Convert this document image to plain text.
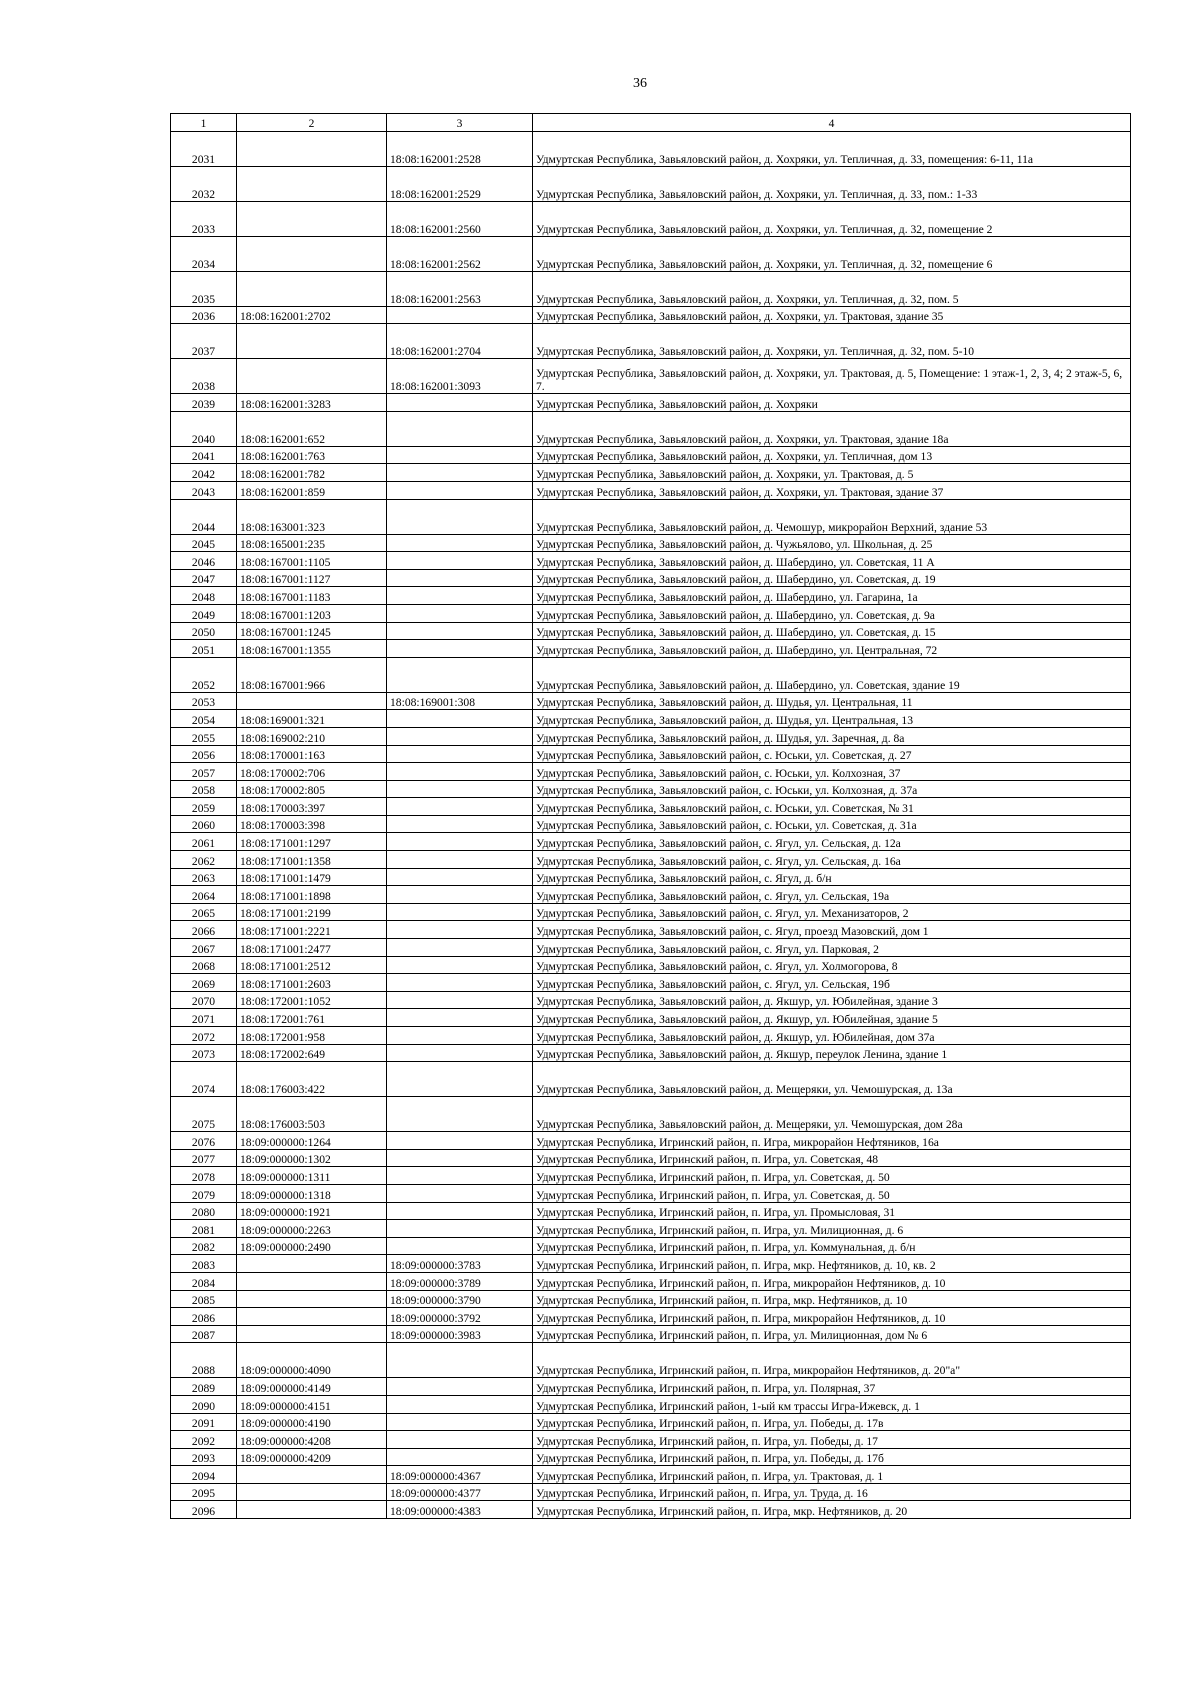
36
1	2	3	4
2031		18:08:162001:2528	Удмуртская Республика, Завьяловский район, д. Хохряки, ул. Тепличная, д. 33, помещения: 6-11, 11а
2032		18:08:162001:2529	Удмуртская Республика, Завьяловский район, д. Хохряки, ул. Тепличная, д. 33, пом.: 1-33
2033		18:08:162001:2560	Удмуртская Республика, Завьяловский район, д. Хохряки, ул. Тепличная, д. 32, помещение 2
2034		18:08:162001:2562	Удмуртская Республика, Завьяловский район, д. Хохряки, ул. Тепличная, д. 32, помещение 6
2035		18:08:162001:2563	Удмуртская Республика, Завьяловский район, д. Хохряки, ул. Тепличная, д. 32, пом. 5
2036	18:08:162001:2702		Удмуртская Республика, Завьяловский район, д. Хохряки, ул. Трактовая, здание 35
2037		18:08:162001:2704	Удмуртская Республика, Завьяловский район, д. Хохряки, ул. Тепличная, д. 32, пом. 5-10
2038		18:08:162001:3093	Удмуртская Республика, Завьяловский район, д. Хохряки, ул. Трактовая, д. 5, Помещение: 1 этаж-1, 2, 3, 4; 2 этаж-5, 6, 7.
2039	18:08:162001:3283		Удмуртская Республика, Завьяловский район, д. Хохряки
2040	18:08:162001:652		Удмуртская Республика, Завьяловский район, д. Хохряки, ул. Трактовая, здание 18а
2041	18:08:162001:763		Удмуртская Республика, Завьяловский район, д. Хохряки, ул. Тепличная, дом 13
2042	18:08:162001:782		Удмуртская Республика, Завьяловский район, д. Хохряки, ул. Трактовая, д. 5
2043	18:08:162001:859		Удмуртская Республика, Завьяловский район, д. Хохряки, ул. Трактовая, здание 37
2044	18:08:163001:323		Удмуртская Республика, Завьяловский район, д. Чемошур, микрорайон Верхний, здание 53
2045	18:08:165001:235		Удмуртская Республика, Завьяловский район, д. Чужьялово, ул. Школьная, д. 25
2046	18:08:167001:1105		Удмуртская Республика, Завьяловский район, д. Шабердино, ул. Советская, 11 А
2047	18:08:167001:1127		Удмуртская Республика, Завьяловский район, д. Шабердино, ул. Советская, д. 19
2048	18:08:167001:1183		Удмуртская Республика, Завьяловский район, д. Шабердино, ул. Гагарина, 1а
2049	18:08:167001:1203		Удмуртская Республика, Завьяловский район, д. Шабердино, ул. Советская, д. 9а
2050	18:08:167001:1245		Удмуртская Республика, Завьяловский район, д. Шабердино, ул. Советская, д. 15
2051	18:08:167001:1355		Удмуртская Республика, Завьяловский район, д. Шабердино, ул. Центральная, 72
2052	18:08:167001:966		Удмуртская Республика, Завьяловский район, д. Шабердино, ул. Советская, здание 19
2053		18:08:169001:308	Удмуртская Республика, Завьяловский район, д. Шудья, ул. Центральная, 11
2054	18:08:169001:321		Удмуртская Республика, Завьяловский район, д. Шудья, ул. Центральная, 13
2055	18:08:169002:210		Удмуртская Республика, Завьяловский район, д. Шудья, ул. Заречная, д. 8а
2056	18:08:170001:163		Удмуртская Республика, Завьяловский район, с. Юськи, ул. Советская, д. 27
2057	18:08:170002:706		Удмуртская Республика, Завьяловский район, с. Юськи, ул. Колхозная, 37
2058	18:08:170002:805		Удмуртская Республика, Завьяловский район, с. Юськи, ул. Колхозная, д. 37а
2059	18:08:170003:397		Удмуртская Республика, Завьяловский район, с. Юськи, ул. Советская, № 31
2060	18:08:170003:398		Удмуртская Республика, Завьяловский район, с. Юськи, ул. Советская, д. 31а
2061	18:08:171001:1297		Удмуртская Республика, Завьяловский район, с. Ягул, ул. Сельская, д. 12а
2062	18:08:171001:1358		Удмуртская Республика, Завьяловский район, с. Ягул, ул. Сельская, д. 16а
2063	18:08:171001:1479		Удмуртская Республика, Завьяловский район, с. Ягул, д. б/н
2064	18:08:171001:1898		Удмуртская Республика, Завьяловский район, с. Ягул, ул. Сельская, 19а
2065	18:08:171001:2199		Удмуртская Республика, Завьяловский район, с. Ягул, ул. Механизаторов, 2
2066	18:08:171001:2221		Удмуртская Республика, Завьяловский район, с. Ягул, проезд Мазовский, дом 1
2067	18:08:171001:2477		Удмуртская Республика, Завьяловский район, с. Ягул, ул. Парковая, 2
2068	18:08:171001:2512		Удмуртская Республика, Завьяловский район, с. Ягул, ул. Холмогорова, 8
2069	18:08:171001:2603		Удмуртская Республика, Завьяловский район, с. Ягул, ул. Сельская, 19б
2070	18:08:172001:1052		Удмуртская Республика, Завьяловский район, д. Якшур, ул. Юбилейная, здание 3
2071	18:08:172001:761		Удмуртская Республика, Завьяловский район, д. Якшур, ул. Юбилейная, здание 5
2072	18:08:172001:958		Удмуртская Республика, Завьяловский район, д. Якшур, ул. Юбилейная, дом 37а
2073	18:08:172002:649		Удмуртская Республика, Завьяловский район, д. Якшур, переулок Ленина, здание 1
2074	18:08:176003:422		Удмуртская Республика, Завьяловский район, д. Мещеряки, ул. Чемошурская, д. 13а
2075	18:08:176003:503		Удмуртская Республика, Завьяловский район, д. Мещеряки, ул. Чемошурская, дом 28а
2076	18:09:000000:1264		Удмуртская Республика, Игринский район, п. Игра, микрорайон Нефтяников, 16а
2077	18:09:000000:1302		Удмуртская Республика, Игринский район, п. Игра, ул. Советская, 48
2078	18:09:000000:1311		Удмуртская Республика, Игринский район, п. Игра, ул. Советская, д. 50
2079	18:09:000000:1318		Удмуртская Республика, Игринский район, п. Игра, ул. Советская, д. 50
2080	18:09:000000:1921		Удмуртская Республика, Игринский район, п. Игра, ул. Промысловая, 31
2081	18:09:000000:2263		Удмуртская Республика, Игринский район, п. Игра, ул. Милиционная, д. 6
2082	18:09:000000:2490		Удмуртская Республика, Игринский район, п. Игра, ул. Коммунальная, д. б/н
2083		18:09:000000:3783	Удмуртская Республика, Игринский район, п. Игра, мкр. Нефтяников, д. 10, кв. 2
2084		18:09:000000:3789	Удмуртская Республика, Игринский район, п. Игра, микрорайон Нефтяников, д. 10
2085		18:09:000000:3790	Удмуртская Республика, Игринский район, п. Игра, мкр. Нефтяников, д. 10
2086		18:09:000000:3792	Удмуртская Республика, Игринский район, п. Игра, микрорайон Нефтяников, д. 10
2087		18:09:000000:3983	Удмуртская Республика, Игринский район, п. Игра, ул. Милиционная, дом № 6
2088	18:09:000000:4090		Удмуртская Республика, Игринский район, п. Игра, микрорайон Нефтяников, д. 20"а"
2089	18:09:000000:4149		Удмуртская Республика, Игринский район, п. Игра, ул. Полярная, 37
2090	18:09:000000:4151		Удмуртская Республика, Игринский район, 1-ый км трассы Игра-Ижевск, д. 1
2091	18:09:000000:4190		Удмуртская Республика, Игринский район, п. Игра, ул. Победы, д. 17в
2092	18:09:000000:4208		Удмуртская Республика, Игринский район, п. Игра, ул. Победы, д. 17
2093	18:09:000000:4209		Удмуртская Республика, Игринский район, п. Игра, ул. Победы, д. 17б
2094		18:09:000000:4367	Удмуртская Республика, Игринский район, п. Игра, ул. Трактовая, д. 1
2095		18:09:000000:4377	Удмуртская Республика, Игринский район, п. Игра, ул. Труда, д. 16
2096		18:09:000000:4383	Удмуртская Республика, Игринский район, п. Игра, мкр. Нефтяников, д. 20
